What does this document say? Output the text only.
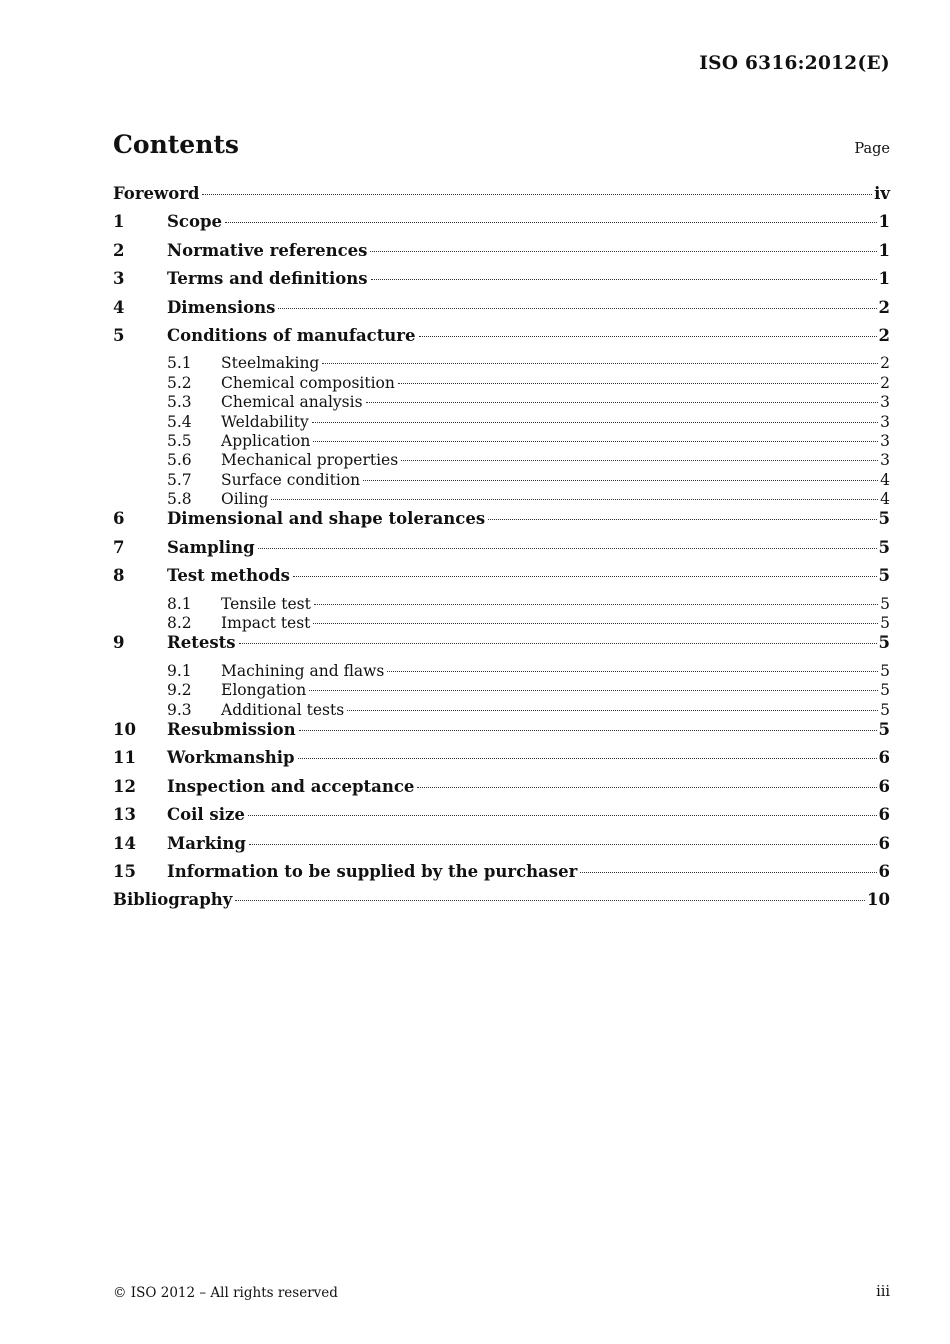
ISO 6316:2012(E)
Contents	Page
Foreword	iv
1	Scope	1
2	Normative references	1
3	Terms and definitions	1
4	Dimensions	2
5	Conditions of manufacture	2
5.1	Steelmaking	2
5.2	Chemical composition	2
5.3	Chemical analysis	3
5.4	Weldability	3
5.5	Application	3
5.6	Mechanical properties	3
5.7	Surface condition	4
5.8	Oiling	4
6	Dimensional and shape tolerances	5
7	Sampling	5
8	Test methods	5
8.1	Tensile test	5
8.2	Impact test	5
9	Retests	5
9.1	Machining and flaws	5
9.2	Elongation	5
9.3	Additional tests	5
10	Resubmission	5
11	Workmanship	6
12	Inspection and acceptance	6
13	Coil size	6
14	Marking	6
15	Information to be supplied by the purchaser	6
Bibliography	10
© ISO 2012 – All rights reserved	iii
